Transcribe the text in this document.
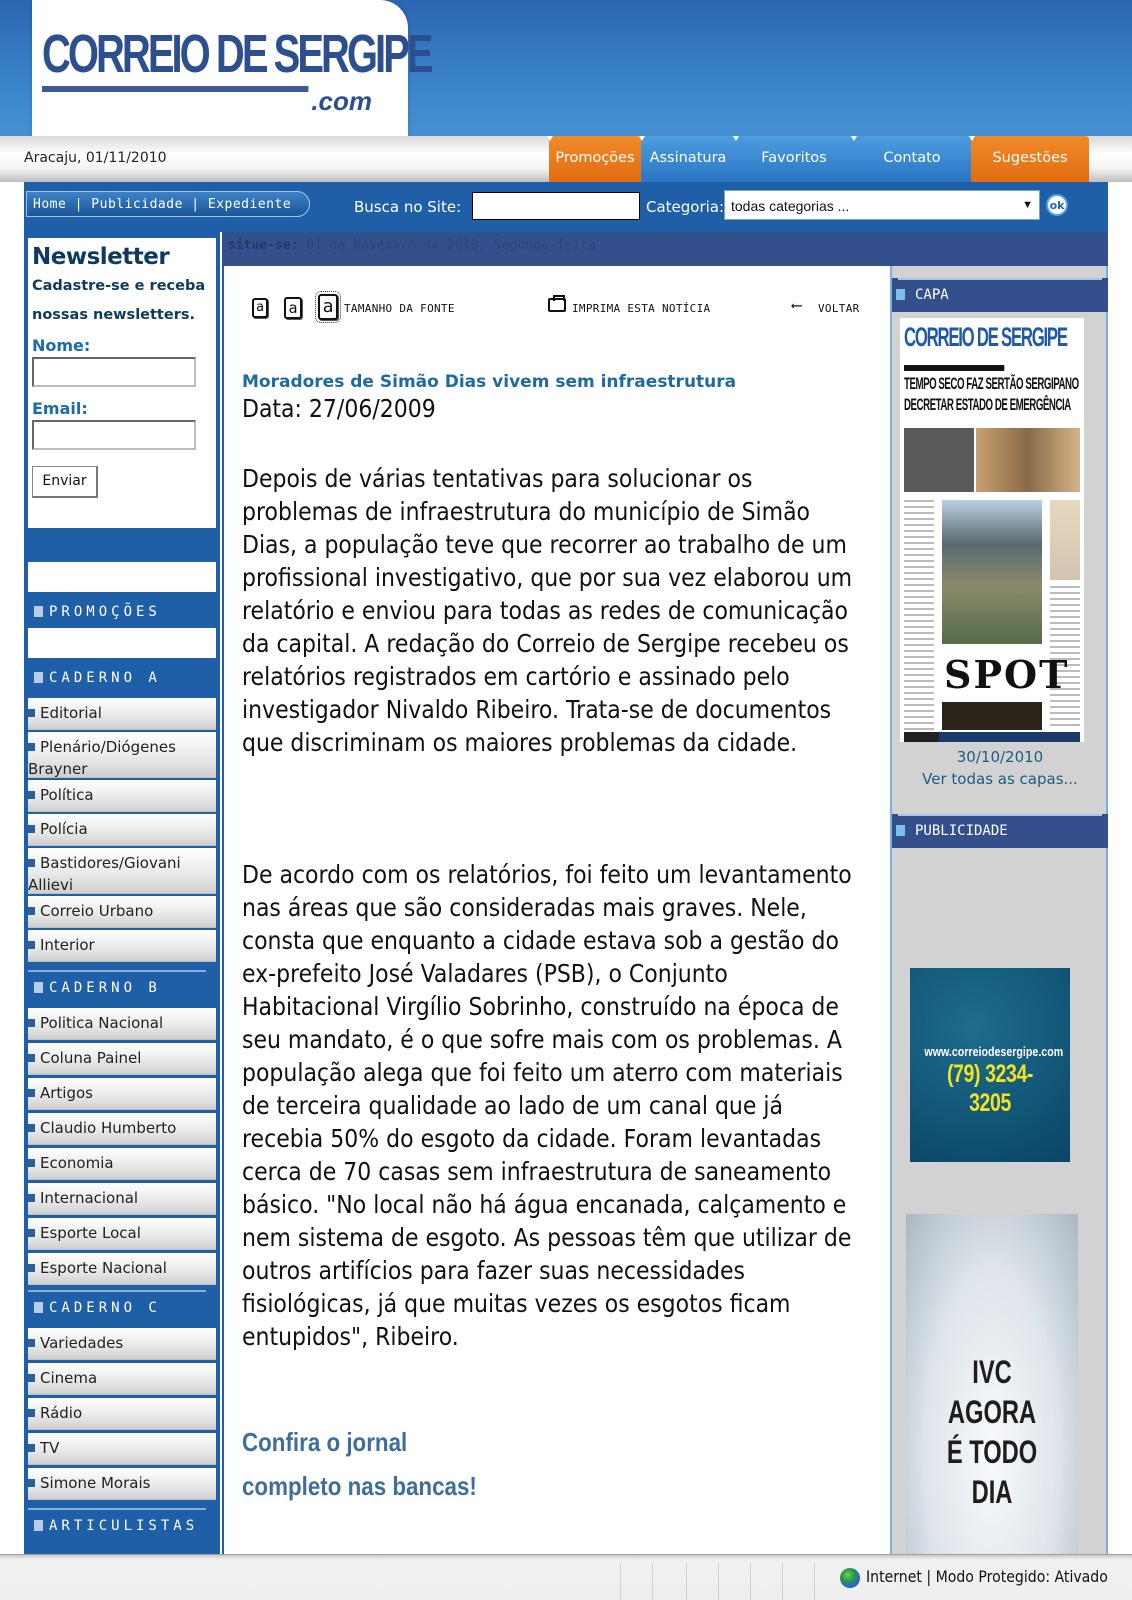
CORREIO DE SERGIPE
.com
Aracaju, 01/11/2010	Promoções	Assinatura	Favoritos	Contato	Sugestões
Home | Publicidade | Expediente	Busca no Site:	Categoria: todas categorias ...	▼	ok
Newsletter
Cadastre-se e receba nossas newsletters.
Nome:
Email:
Enviar
PROMOÇÕES
CADERNO A
Editorial
Plenário/Diógenes Brayner
Política
Polícia
Bastidores/Giovani Allievi
Correio Urbano
Interior
CADERNO B
Politica Nacional
Coluna Painel
Artigos
Claudio Humberto
Economia
Internacional
Esporte Local
Esporte Nacional
CADERNO C
Variedades
Cinema
Rádio
TV
Simone Morais
ARTICULISTAS
situe-se: 01 de Novembro de 2010, Segunda-feira
a a a TAMANHO DA FONTE	IMPRIMA ESTA NOTÍCIA	⟵ VOLTAR
Moradores de Simão Dias vivem sem infraestrutura
Data: 27/06/2009
Depois de várias tentativas para solucionar os problemas de infraestrutura do município de Simão Dias, a população teve que recorrer ao trabalho de um profissional investigativo, que por sua vez elaborou um relatório e enviou para todas as redes de comunicação da capital. A redação do Correio de Sergipe recebeu os relatórios registrados em cartório e assinado pelo investigador Nivaldo Ribeiro. Trata-se de documentos que discriminam os maiores problemas da cidade.
De acordo com os relatórios, foi feito um levantamento nas áreas que são consideradas mais graves. Nele, consta que enquanto a cidade estava sob a gestão do ex-prefeito José Valadares (PSB), o Conjunto Habitacional Virgílio Sobrinho, construído na época de seu mandato, é o que sofre mais com os problemas. A população alega que foi feito um aterro com materiais de terceira qualidade ao lado de um canal que já recebia 50% do esgoto da cidade. Foram levantadas cerca de 70 casas sem infraestrutura de saneamento básico. "No local não há água encanada, calçamento e nem sistema de esgoto. As pessoas têm que utilizar de outros artifícios para fazer suas necessidades fisiológicas, já que muitas vezes os esgotos ficam entupidos", Ribeiro.
Confira o jornal
completo nas bancas!
CAPA
CORREIO DE SERGIPE
TEMPO SECO FAZ SERTÃO SERGIPANO
DECRETAR ESTADO DE EMERGÊNCIA
SPOT
30/10/2010
Ver todas as capas...
PUBLICIDADE
www.correiodesergipe.com
(79) 3234-3205
IVC AGORA
É TODO DIA
Internet | Modo Protegido: Ativado
